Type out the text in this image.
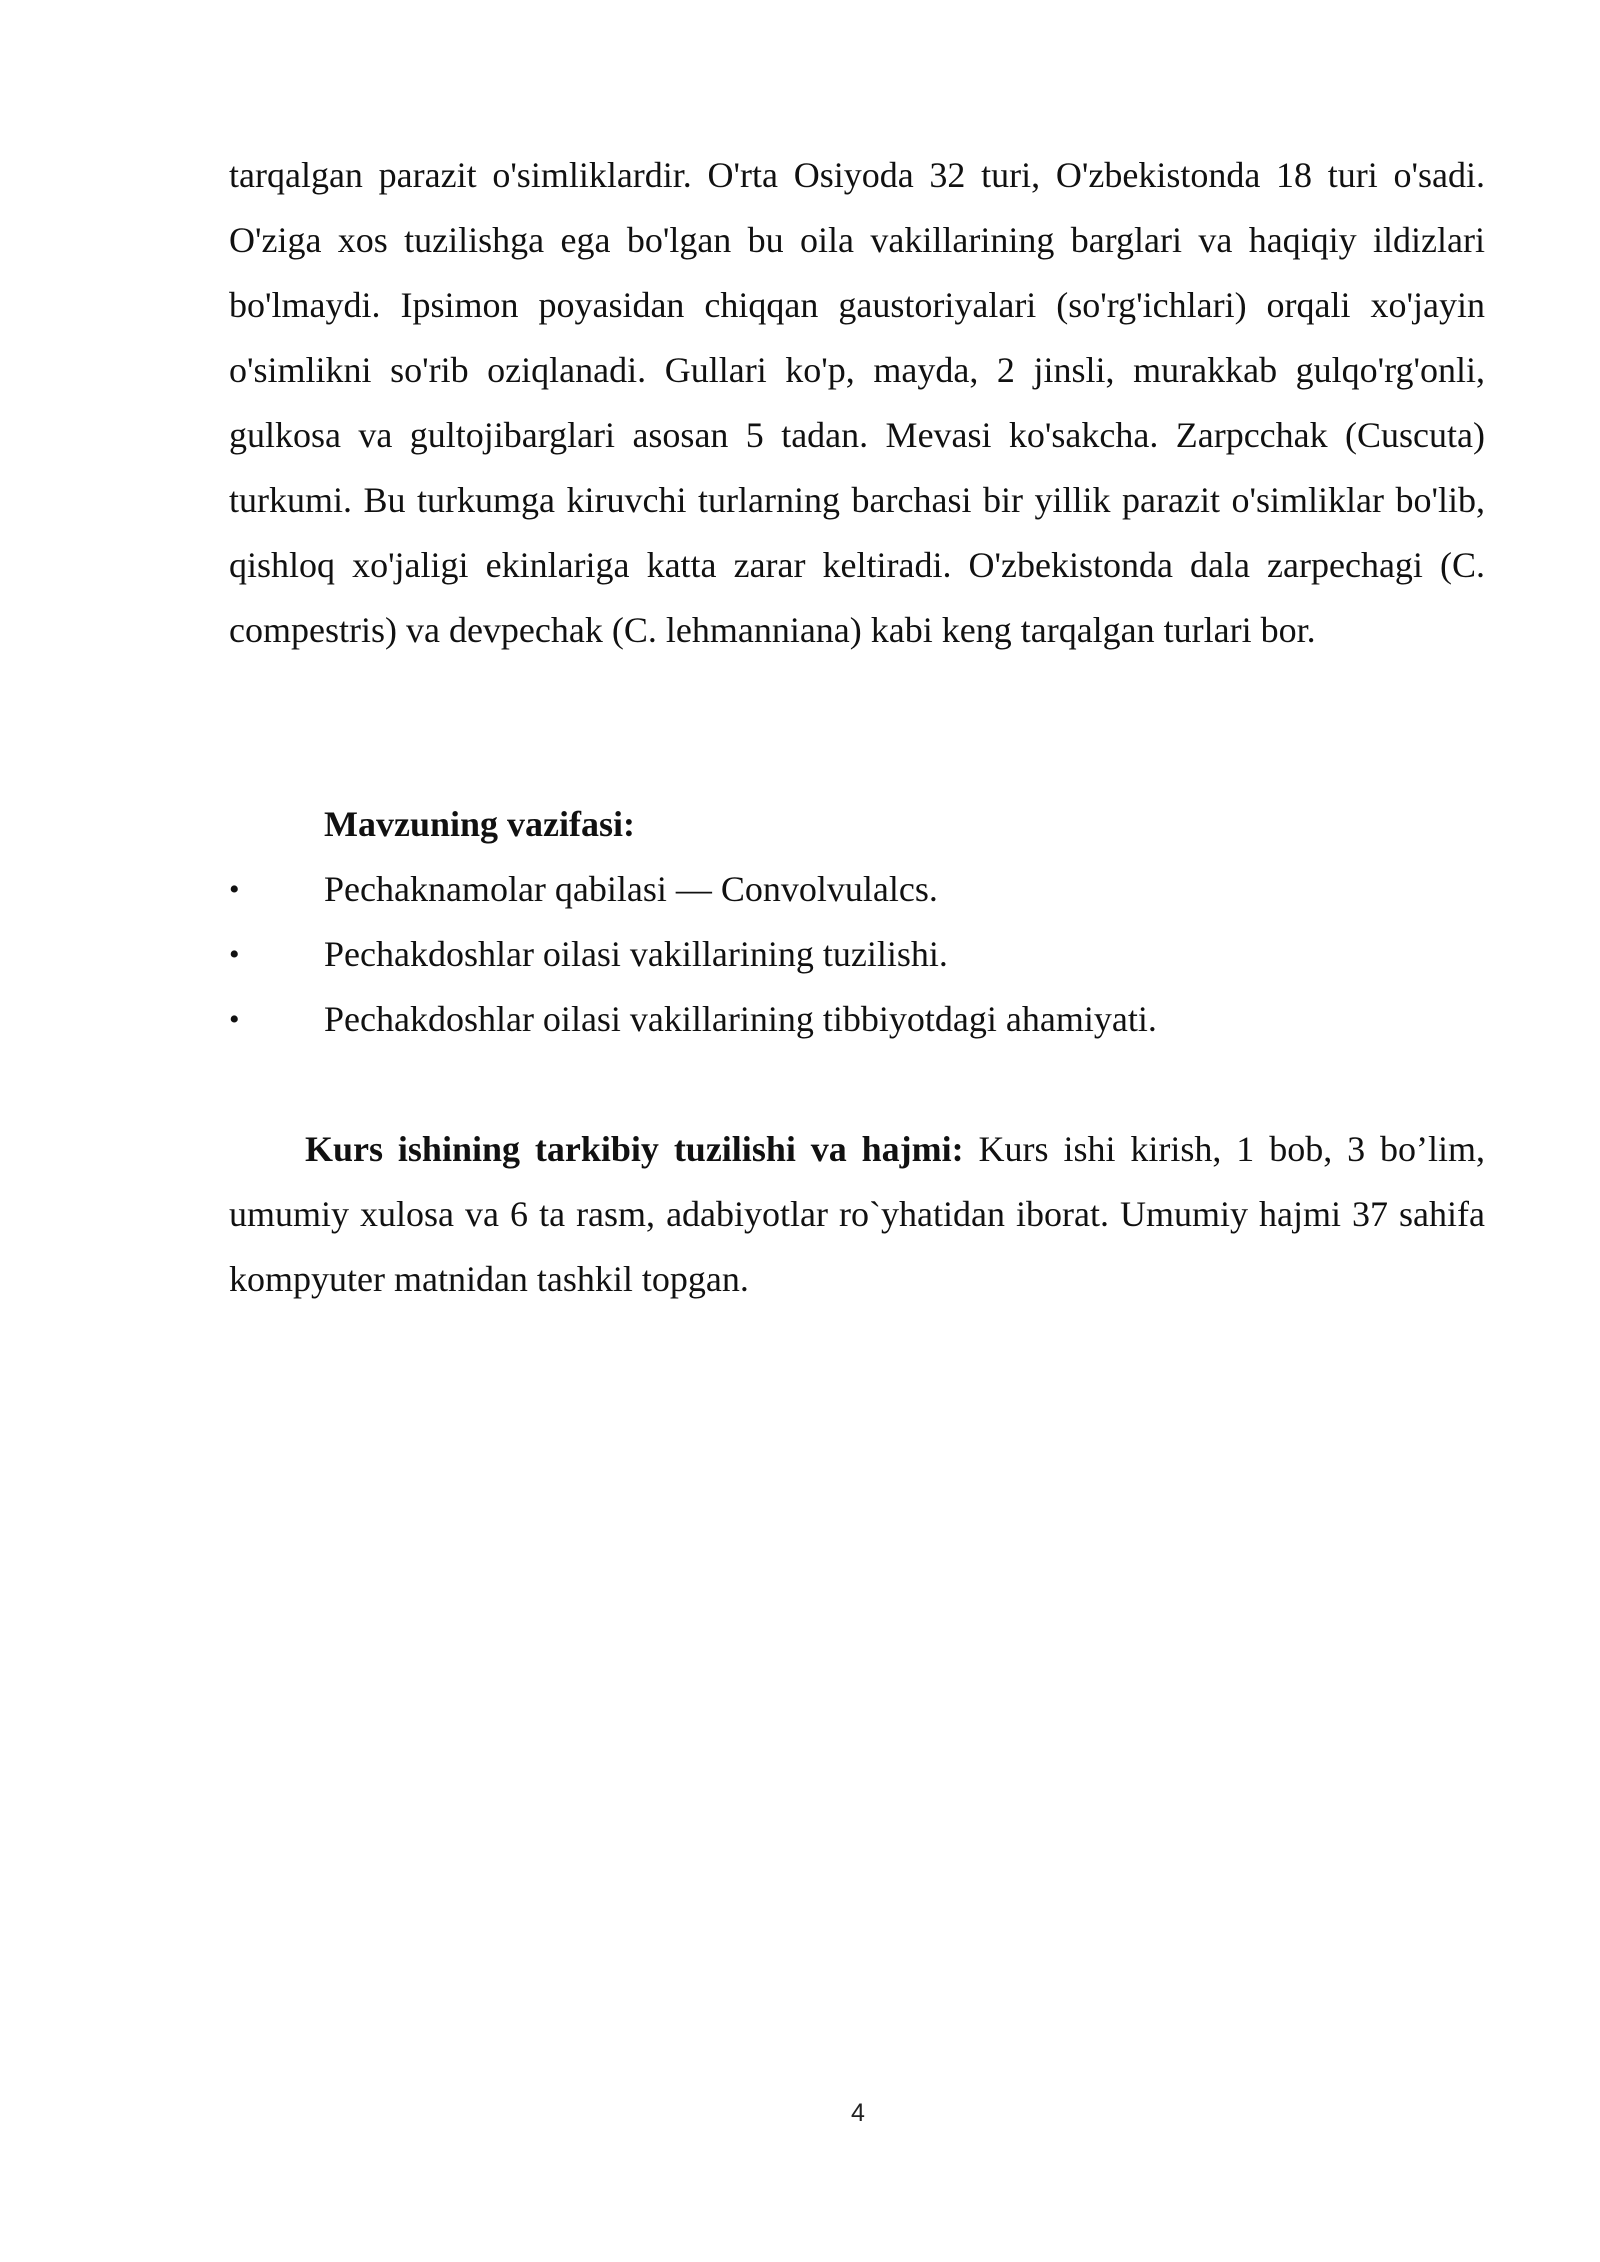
tarqalgan parazit o'simliklardir. O'rta Osiyoda 32 turi, O'zbekistonda 18 turi o'sadi. O'ziga xos tuzilishga ega bo'lgan bu oila vakillarining barglari va haqiqiy ildizlari bo'lmaydi. Ipsimon poyasidan chiqqan gaustoriyalari (so'rg'ichlari) orqali xo'jayin o'simlikni so'rib oziqlanadi. Gullari ko'p, mayda, 2 jinsli, murakkab gulqo'rg'onli, gulkosa va gultojibarglari asosan 5 tadan. Mevasi ko'sakcha. Zarpcchak (Cuscuta) turkumi. Bu turkumga kiruvchi turlarning barchasi bir yillik parazit o'simliklar bo'lib, qishloq xo'jaligi ekinlariga katta zarar keltiradi. O'zbekistonda dala zarpechagi (C. compestris) va devpechak (C. lehmanniana) kabi keng tarqalgan turlari bor.

Mavzuning vazifasi:

• Pechaknamolar qabilasi — Convolvulalcs.
• Pechakdoshlar oilasi vakillarining tuzilishi.
• Pechakdoshlar oilasi vakillarining tibbiyotdagi ahamiyati.

Kurs ishining tarkibiy tuzilishi va hajmi: Kurs ishi kirish, 1 bob, 3 bo’lim, umumiy xulosa va 6 ta rasm, adabiyotlar ro`yhatidan iborat. Umumiy hajmi 37 sahifa kompyuter matnidan tashkil topgan.

4
